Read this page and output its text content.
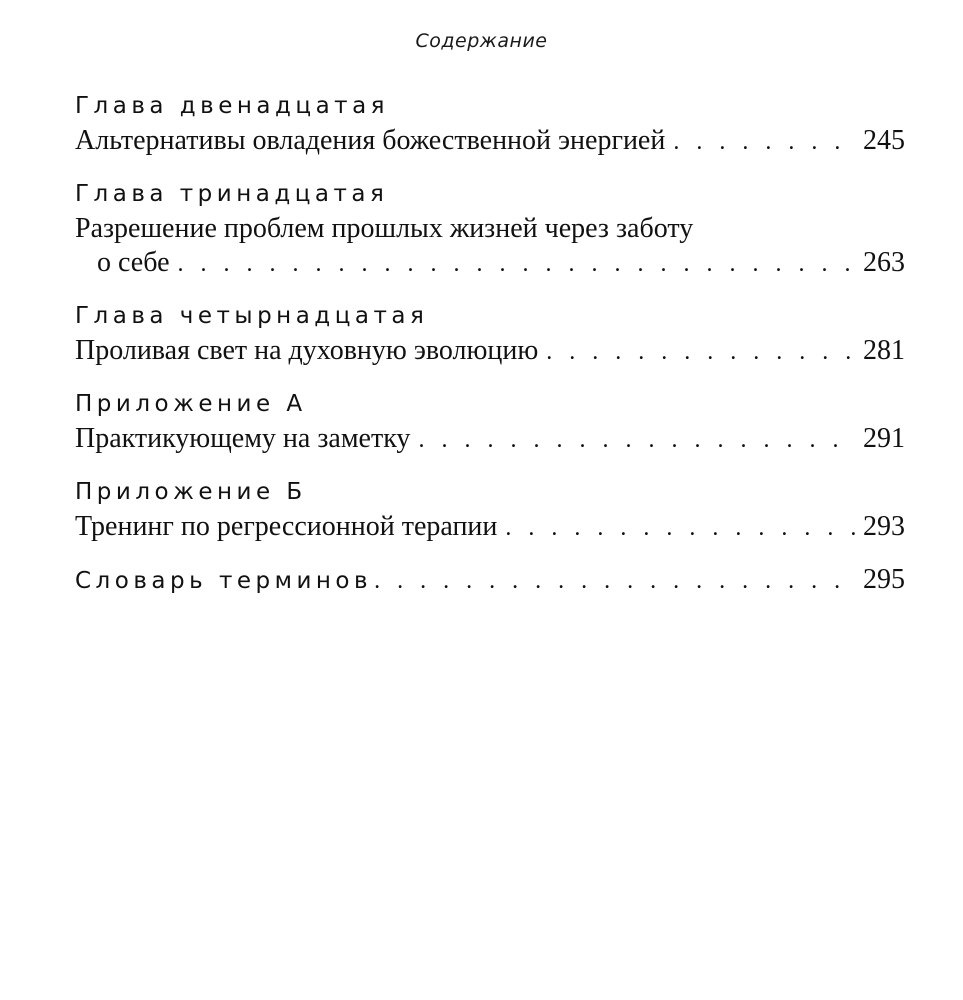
Содержание
Глава двенадцатая
Альтернативы овладения божественной энергией . . .	245
Глава тринадцатая
Разрешение проблем прошлых жизней через заботу
о себе . . .	263
Глава четырнадцатая
Проливая свет на духовную эволюцию . . .	281
Приложение А
Практикующему на заметку . . .	291
Приложение Б
Тренинг по регрессионной терапии . . .	293
Словарь терминов . . .	295
